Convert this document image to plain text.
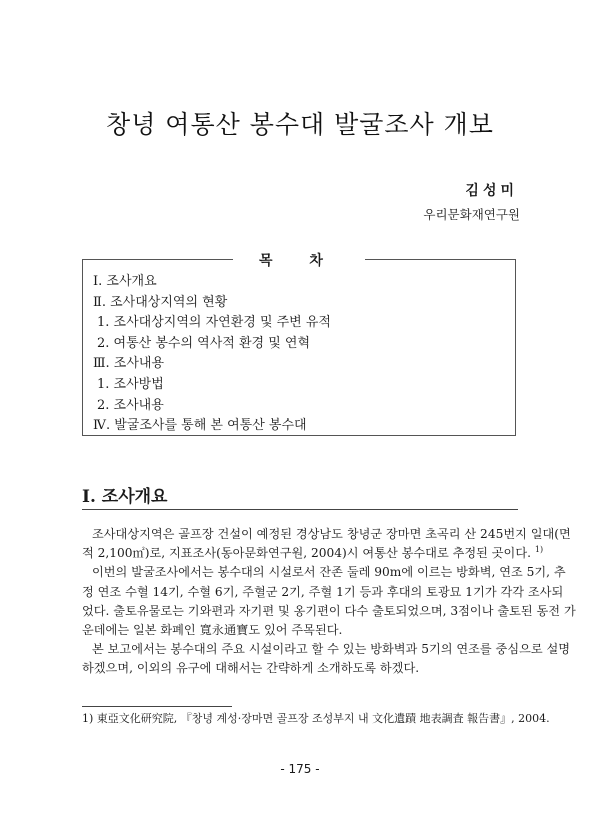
창녕 여통산 봉수대 발굴조사 개보
김성미
우리문화재연구원
목 차
Ⅰ. 조사개요
Ⅱ. 조사대상지역의 현황
1. 조사대상지역의 자연환경 및 주변 유적
2. 여통산 봉수의 역사적 환경 및 연혁
Ⅲ. 조사내용
1. 조사방법
2. 조사내용
Ⅳ. 발굴조사를 통해 본 여통산 봉수대
Ⅰ. 조사개요
조사대상지역은 골프장 건설이 예정된 경상남도 창녕군 장마면 초곡리 산 245번지 일대(면
적 2,100㎡)로, 지표조사(동아문화연구원, 2004)시 여통산 봉수대로 추정된 곳이다. $^{1)}$
이번의 발굴조사에서는 봉수대의 시설로서 잔존 둘레 90m에 이르는 방화벽, 연조 5기, 추
정 연조 수혈 14기, 수혈 6기, 주혈군 2기, 주혈 1기 등과 후대의 토광묘 1기가 각각 조사되
었다. 출토유물로는 기와편과 자기편 및 옹기편이 다수 출토되었으며, 3점이나 출토된 동전 가
운데에는 일본 화폐인 寬永通寶도 있어 주목된다.
본 보고에서는 봉수대의 주요 시설이라고 할 수 있는 방화벽과 5기의 연조를 중심으로 설명
하겠으며, 이외의 유구에 대해서는 간략하게 소개하도록 하겠다.
1) 東亞文化研究院, 『창녕 계성·장마면 골프장 조성부지 내 文化遺蹟 地表調査 報告書』, 2004.
- 175 -
